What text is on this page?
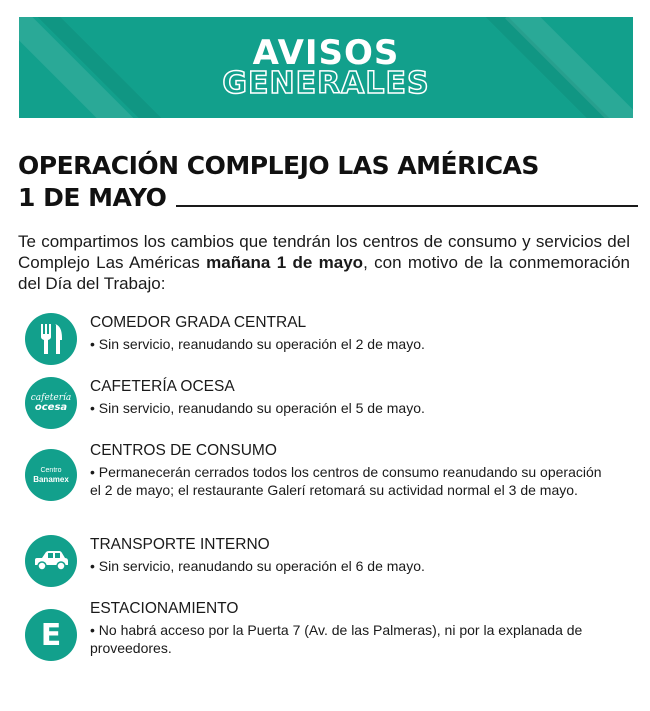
AVISOS
GENERALES
OPERACIÓN COMPLEJO LAS AMÉRICAS
1 DE MAYO
Te compartimos los cambios que tendrán los centros de consumo y servicios del Complejo Las Américas mañana 1 de mayo, con motivo de la conmemoración del Día del Trabajo:
COMEDOR GRADA CENTRAL
• Sin servicio, reanudando su operación el 2 de mayo.
cafetería
ocesa
CAFETERÍA OCESA
• Sin servicio, reanudando su operación el 5 de mayo.
Centro
Banamex
CENTROS DE CONSUMO
• Permanecerán cerrados todos los centros de consumo reanudando su operación el 2 de mayo; el restaurante Galerí retomará su actividad normal el 3 de mayo.
TRANSPORTE INTERNO
• Sin servicio, reanudando su operación el 6 de mayo.
E
ESTACIONAMIENTO
• No habrá acceso por la Puerta 7 (Av. de las Palmeras), ni por la explanada de proveedores.
